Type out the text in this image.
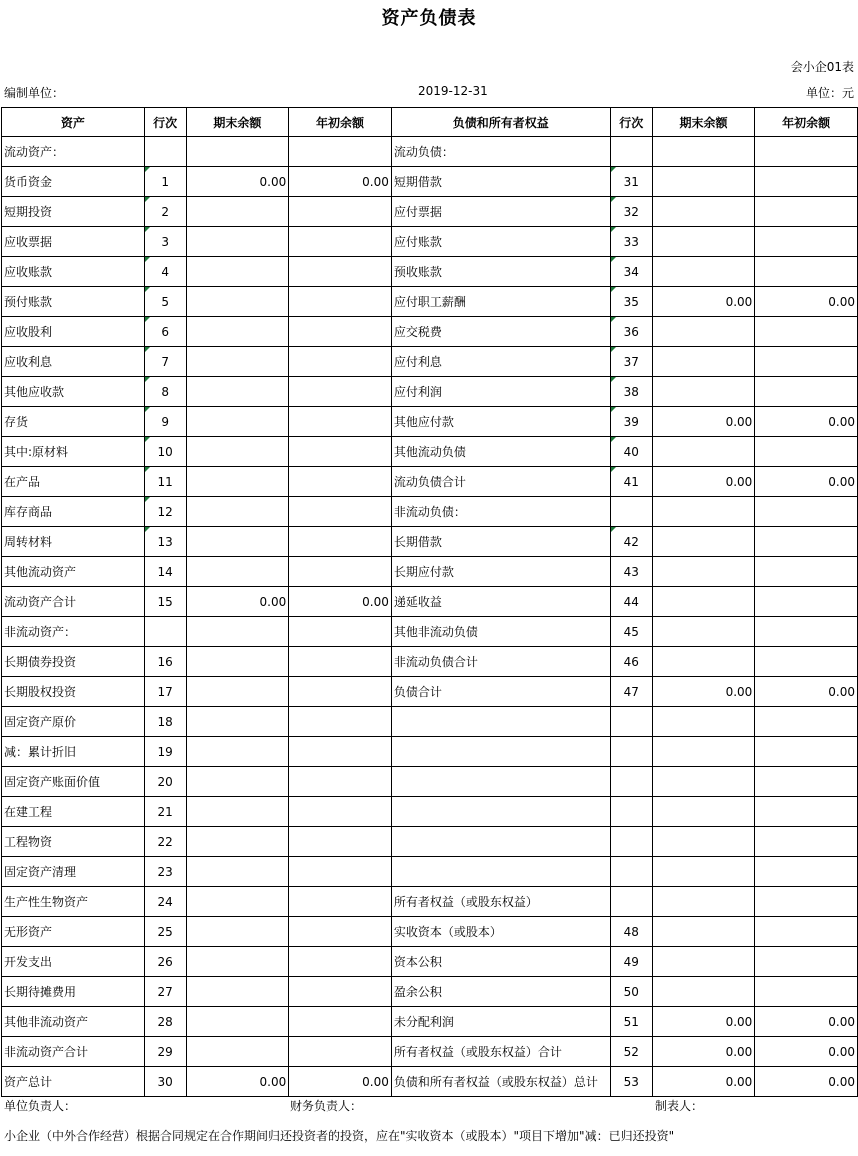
资产负债表
会小企01表
编制单位：	2019-12-31	单位：元
资产	行次	期末余额	年初余额	负债和所有者权益	行次	期末余额	年初余额
流动资产：				流动负债：			
货币资金	1	0.00	0.00	短期借款	31		
短期投资	2			应付票据	32		
应收票据	3			应付账款	33		
应收账款	4			预收账款	34		
预付账款	5			应付职工薪酬	35	0.00	0.00
应收股利	6			应交税费	36		
应收利息	7			应付利息	37		
其他应收款	8			应付利润	38		
存货	9			其他应付款	39	0.00	0.00
其中:原材料	10			其他流动负债	40		
在产品	11			流动负债合计	41	0.00	0.00
库存商品	12			非流动负债：			
周转材料	13			长期借款	42		
其他流动资产	14			长期应付款	43		
流动资产合计	15	0.00	0.00	递延收益	44		
非流动资产：				其他非流动负债	45		
长期债券投资	16			非流动负债合计	46		
长期股权投资	17			负债合计	47	0.00	0.00
固定资产原价	18						
减：累计折旧	19						
固定资产账面价值	20						
在建工程	21						
工程物资	22						
固定资产清理	23						
生产性生物资产	24			所有者权益（或股东权益）			
无形资产	25			实收资本（或股本）	48		
开发支出	26			资本公积	49		
长期待摊费用	27			盈余公积	50		
其他非流动资产	28			未分配利润	51	0.00	0.00
非流动资产合计	29			所有者权益（或股东权益）合计	52	0.00	0.00
资产总计	30	0.00	0.00	负债和所有者权益（或股东权益）总计	53	0.00	0.00
单位负责人：	财务负责人：	制表人：
小企业（中外合作经营）根据合同规定在合作期间归还投资者的投资，应在"实收资本（或股本）"项目下增加"减：已归还投资"
